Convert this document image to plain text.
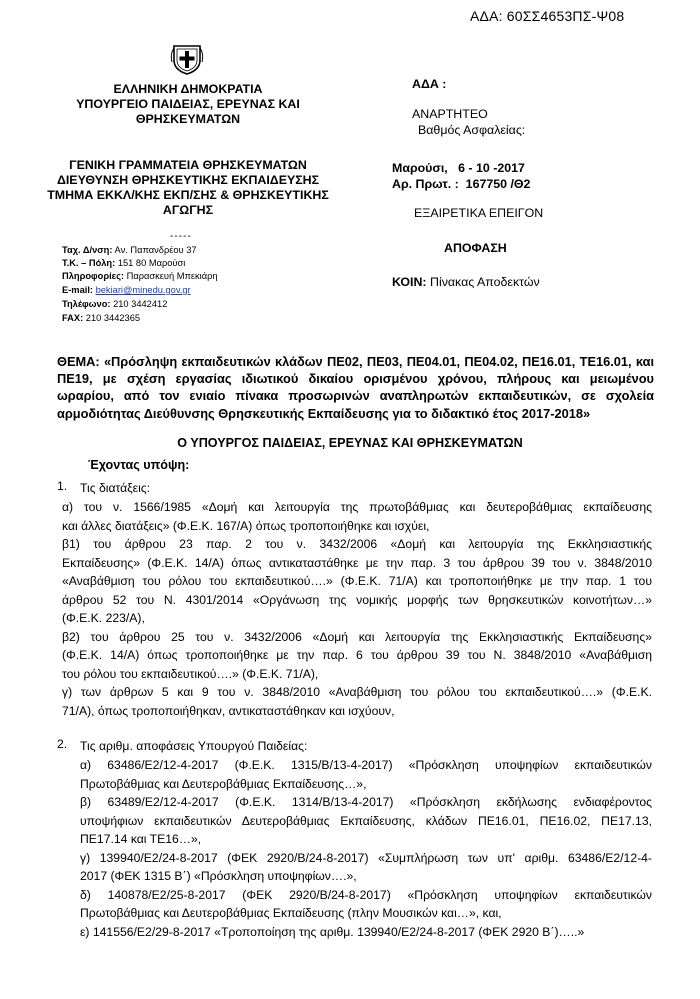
ΑΔΑ: 60ΣΣ4653ΠΣ-Ψ08
ΕΛΛΗΝΙΚΗ ΔΗΜΟΚΡΑΤΙΑ
ΥΠΟΥΡΓΕΙΟ ΠΑΙΔΕΙΑΣ, ΕΡΕΥΝΑΣ ΚΑΙ
ΘΡΗΣΚΕΥΜΑΤΩΝ
ΓΕΝΙΚΗ ΓΡΑΜΜΑΤΕΙΑ ΘΡΗΣΚΕΥΜΑΤΩΝ
ΔΙΕΥΘΥΝΣΗ ΘΡΗΣΚΕΥΤΙΚΗΣ ΕΚΠΑΙΔΕΥΣΗΣ
ΤΜΗΜΑ ΕΚΚΛ/ΚΗΣ ΕΚΠ/ΣΗΣ & ΘΡΗΣΚΕΥΤΙΚΗΣ
ΑΓΩΓΗΣ
-----
Ταχ. Δ/νση: Αν. Παπανδρέου 37
Τ.Κ. – Πόλη: 151 80 Μαρούσι
Πληροφορίες: Παρασκευή Μπεκιάρη
E-mail: bekiari@minedu.gov.gr
Τηλέφωνο: 210 3442412
FAX: 210 3442365
ΑΔΑ :
ΑΝΑΡΤΗΤΕΟ
Βαθμός Ασφαλείας:
Μαρούσι, 6 - 10 -2017
Αρ. Πρωτ. : 167750 /Θ2
ΕΞΑΙΡΕΤΙΚΑ ΕΠΕΙΓΟΝ
ΑΠΟΦΑΣΗ
ΚΟΙΝ: Πίνακας Αποδεκτών
ΘΕΜΑ: «Πρόσληψη εκπαιδευτικών κλάδων ΠΕ02, ΠΕ03, ΠΕ04.01, ΠΕ04.02, ΠΕ16.01, ΤΕ16.01, και
ΠΕ19, με σχέση εργασίας ιδιωτικού δικαίου ορισμένου χρόνου, πλήρους και μειωμένου
ωραρίου, από τον ενιαίο πίνακα προσωρινών αναπληρωτών εκπαιδευτικών, σε σχολεία
αρμοδιότητας Διεύθυνσης Θρησκευτικής Εκπαίδευσης για το διδακτικό έτος 2017-2018»
Ο ΥΠΟΥΡΓΟΣ ΠΑΙΔΕΙΑΣ, ΕΡΕΥΝΑΣ ΚΑΙ ΘΡΗΣΚΕΥΜΑΤΩΝ
Έχοντας υπόψη:
1. Τις διατάξεις:
α) του ν. 1566/1985 «Δομή και λειτουργία της πρωτοβάθμιας και δευτεροβάθμιας εκπαίδευσης
και άλλες διατάξεις» (Φ.Ε.Κ. 167/Α) όπως τροποποιήθηκε και ισχύει,
β1) του άρθρου 23 παρ. 2 του ν. 3432/2006 «Δομή και λειτουργία της Εκκλησιαστικής
Εκπαίδευσης» (Φ.Ε.Κ. 14/Α) όπως αντικαταστάθηκε με την παρ. 3 του άρθρου 39 του ν. 3848/2010
«Αναβάθμιση του ρόλου του εκπαιδευτικού….» (Φ.Ε.Κ. 71/Α) και τροποποιήθηκε με την παρ. 1 του
άρθρου 52 του Ν. 4301/2014 «Οργάνωση της νομικής μορφής των θρησκευτικών κοινοτήτων…»
(Φ.Ε.Κ. 223/Α),
β2) του άρθρου 25 του ν. 3432/2006 «Δομή και λειτουργία της Εκκλησιαστικής Εκπαίδευσης»
(Φ.Ε.Κ. 14/Α) όπως τροποποιήθηκε με την παρ. 6 του άρθρου 39 του Ν. 3848/2010 «Αναβάθμιση
του ρόλου του εκπαιδευτικού….» (Φ.Ε.Κ. 71/Α),
γ) των άρθρων 5 και 9 του ν. 3848/2010 «Αναβάθμιση του ρόλου του εκπαιδευτικού….» (Φ.Ε.Κ.
71/Α), όπως τροποποιήθηκαν, αντικαταστάθηκαν και ισχύουν,
2. Τις αριθμ. αποφάσεις Υπουργού Παιδείας:
α) 63486/Ε2/12-4-2017 (Φ.Ε.Κ. 1315/Β/13-4-2017) «Πρόσκληση υποψηφίων εκπαιδευτικών
Πρωτοβάθμιας και Δευτεροβάθμιας Εκπαίδευσης…»,
β) 63489/Ε2/12-4-2017 (Φ.Ε.Κ. 1314/Β/13-4-2017) «Πρόσκληση εκδήλωσης ενδιαφέροντος
υποψήφιων εκπαιδευτικών Δευτεροβάθμιας Εκπαίδευσης, κλάδων ΠΕ16.01, ΠΕ16.02, ΠΕ17.13,
ΠΕ17.14 και ΤΕ16…»,
γ) 139940/Ε2/24-8-2017 (ΦΕΚ 2920/Β/24-8-2017) «Συμπλήρωση των υπ' αριθμ. 63486/Ε2/12-4-
2017 (ΦΕΚ 1315 Β΄) «Πρόσκληση υποψηφίων….»,
δ) 140878/Ε2/25-8-2017 (ΦΕΚ 2920/Β/24-8-2017) «Πρόσκληση υποψηφίων εκπαιδευτικών
Πρωτοβάθμιας και Δευτεροβάθμιας Εκπαίδευσης (πλην Μουσικών και…», και,
ε) 141556/Ε2/29-8-2017 «Τροποποίηση της αριθμ. 139940/Ε2/24-8-2017 (ΦΕΚ 2920 Β΄)…..»
